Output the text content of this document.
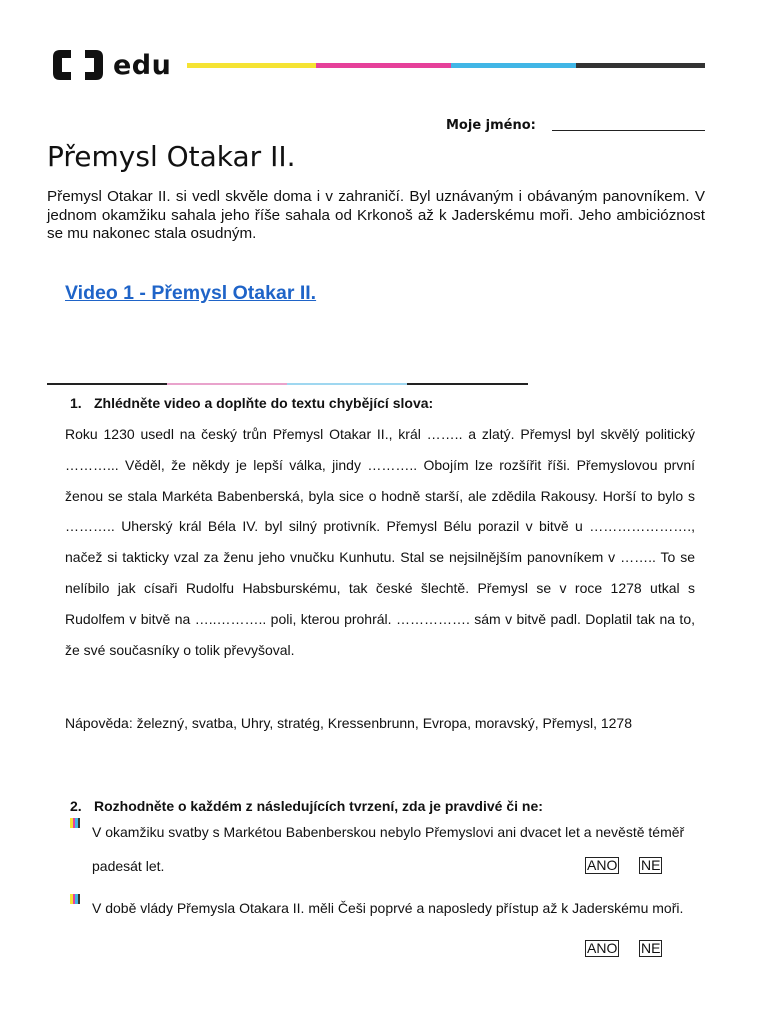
edu
Moje jméno:
Přemysl Otakar II.

Přemysl Otakar II. si vedl skvěle doma i v zahraničí. Byl uznávaným i obávaným panovníkem. V jednom okamžiku sahala jeho říše sahala od Krkonoš až k Jaderskému moři. Jeho ambicióznost se mu nakonec stala osudným.

Video 1 - Přemysl Otakar II.
1. Zhlédněte video a doplňte do textu chybějící slova:
Roku 1230 usedl na český trůn Přemysl Otakar II., král …….. a zlatý. Přemysl byl skvělý politický ………... Věděl, že někdy je lepší válka, jindy ……….. Obojím lze rozšířit říši. Přemyslovou první ženou se stala Markéta Babenberská, byla sice o hodně starší, ale zdědila Rakousy. Horší to bylo s ……….. Uherský král Béla IV. byl silný protivník. Přemysl Bélu porazil v bitvě u …………………., načež si takticky vzal za ženu jeho vnučku Kunhutu. Stal se nejsilnějším panovníkem v …….. To se nelíbilo jak císaři Rudolfu Habsburskému, tak české šlechtě. Přemysl se v roce 1278 utkal s Rudolfem v bitvě na …..……….. poli, kterou prohrál. ……………. sám v bitvě padl. Doplatil tak na to, že své současníky o tolik převyšoval.
Nápověda: železný, svatba, Uhry, stratég, Kressenbrunn, Evropa, moravský, Přemysl, 1278
2. Rozhodněte o každém z následujících tvrzení, zda je pravdivé či ne:
V okamžiku svatby s Markétou Babenberskou nebylo Přemyslovi ani dvacet let a nevěstě téměř padesát let.	ANO NE
V době vlády Přemysla Otakara II. měli Češi poprvé a naposledy přístup až k Jaderskému moři.
ANO NE
